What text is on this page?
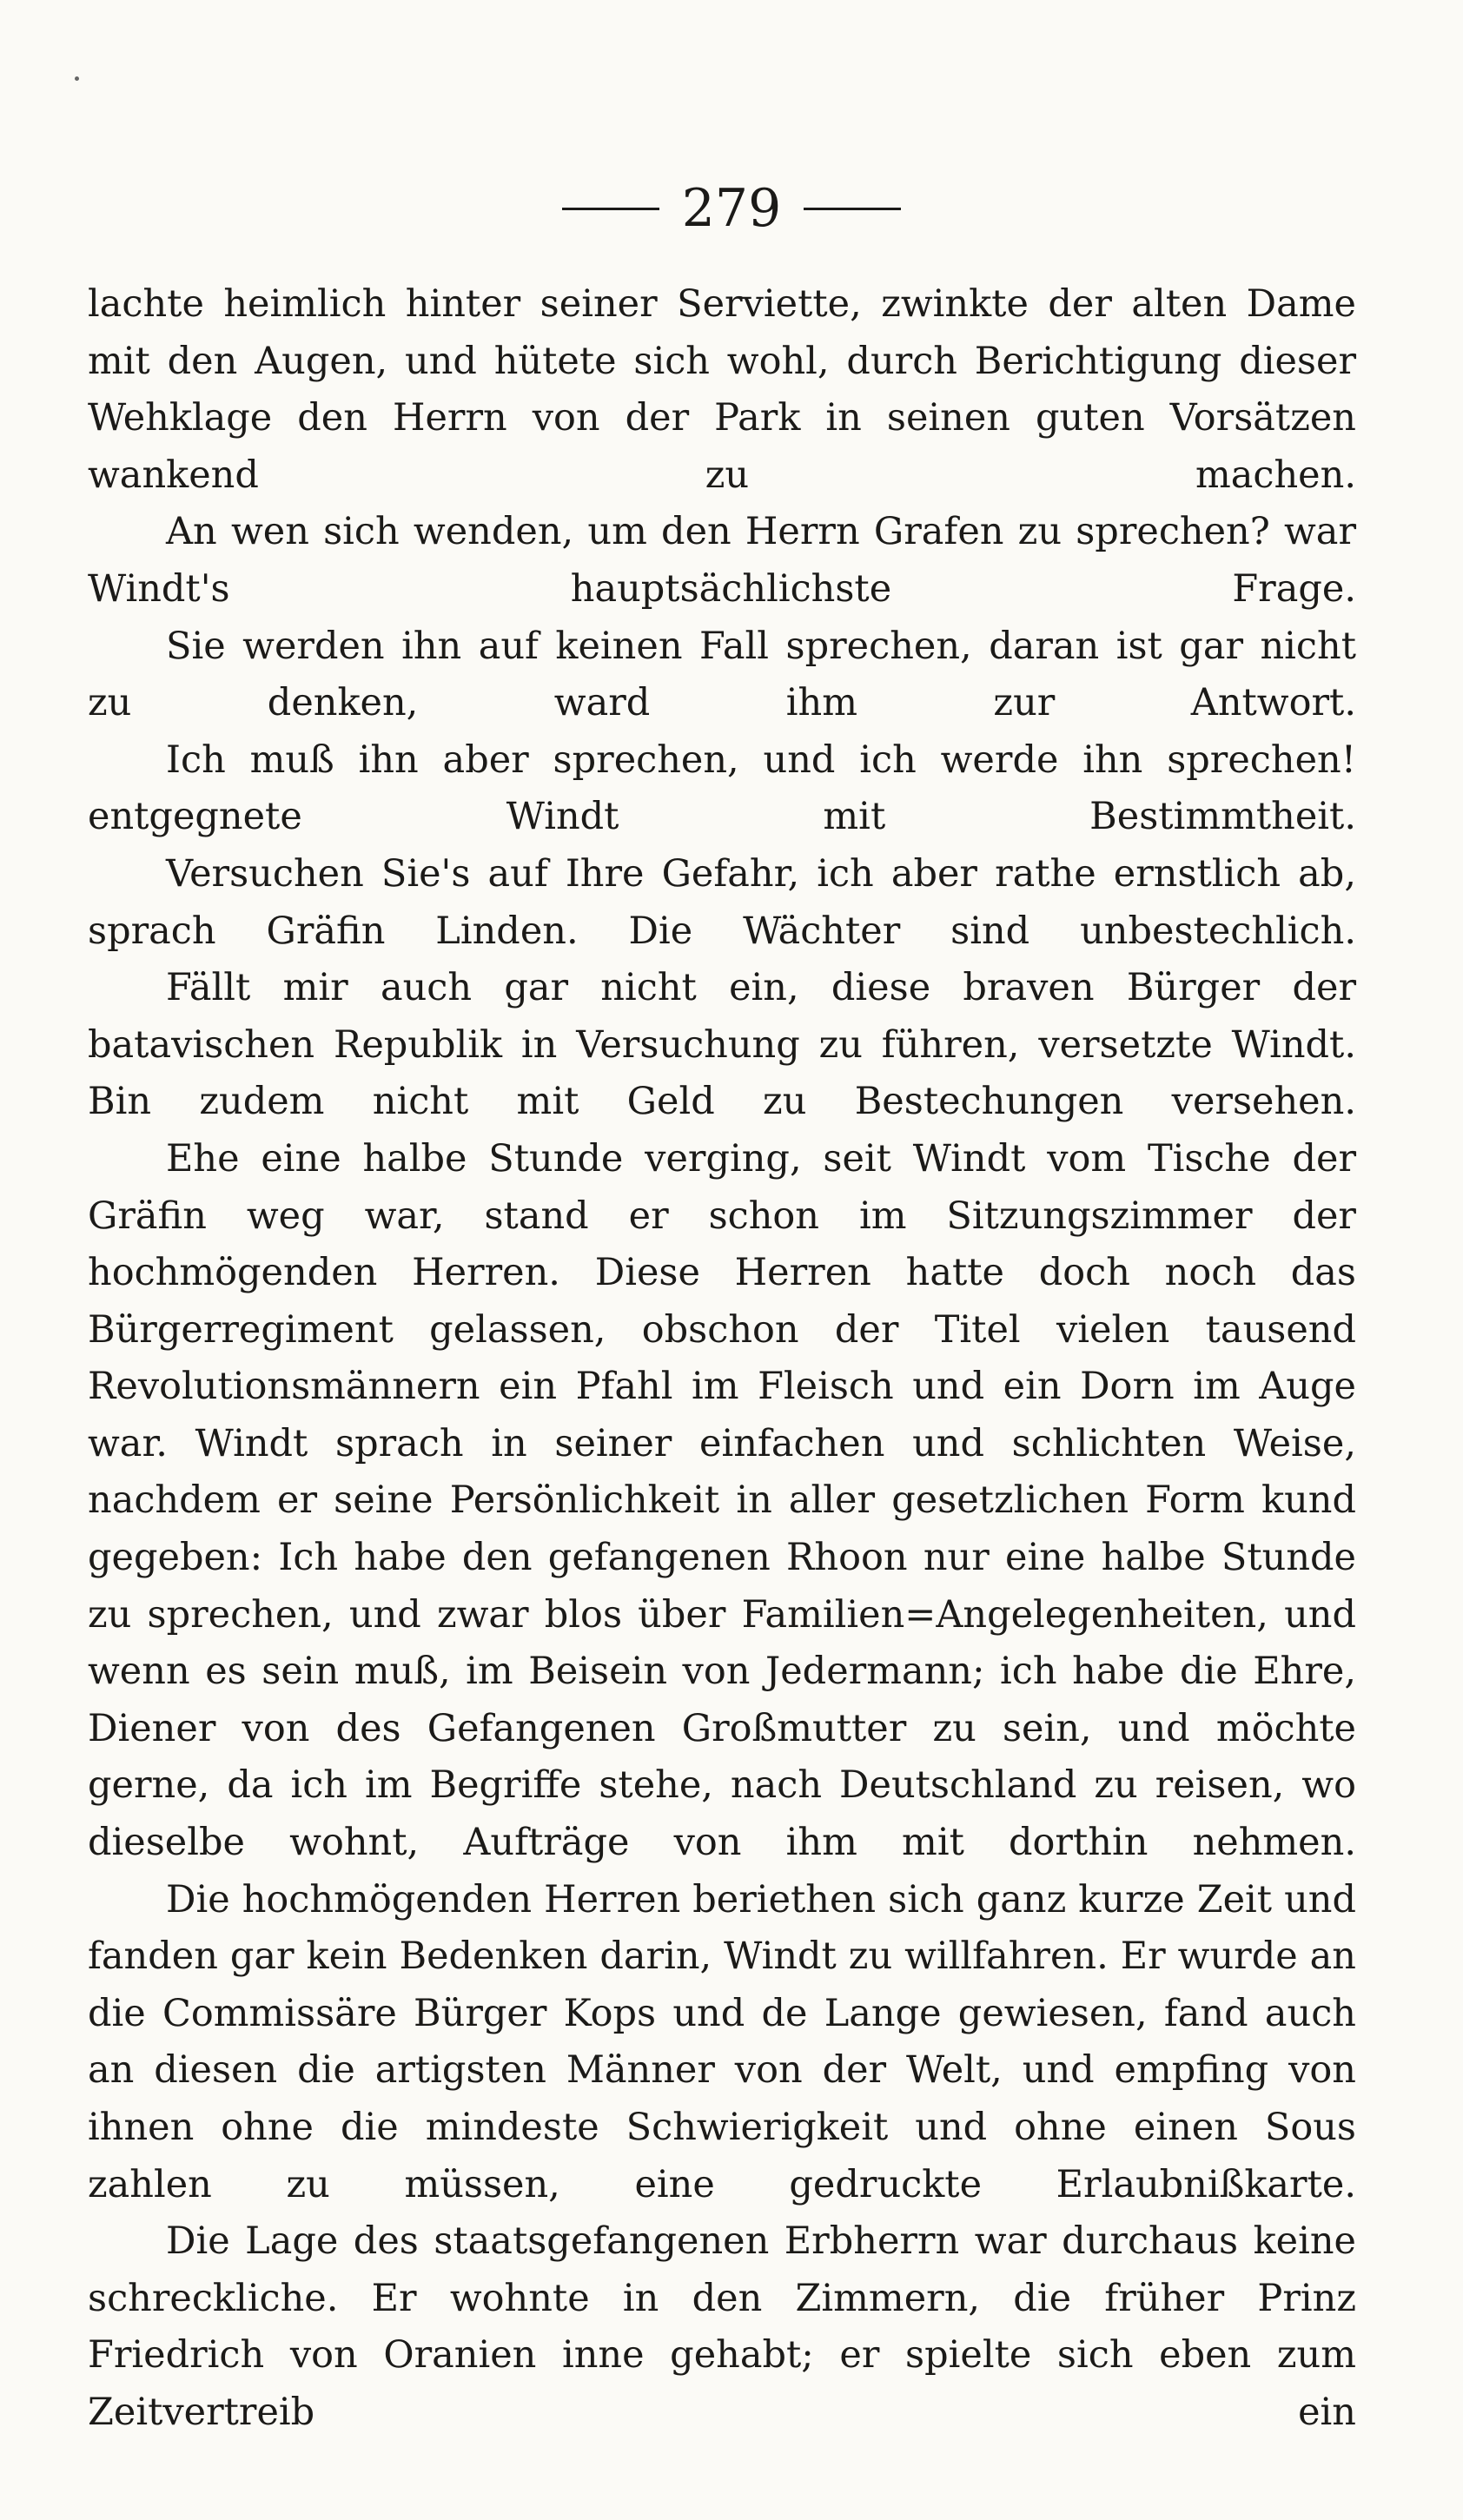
279

lachte heimlich hinter seiner Serviette, zwinkte der alten Dame mit den Augen, und hütete sich wohl, durch Berichtigung dieser Wehklage den Herrn von der Park in seinen guten Vorsätzen wankend zu machen.

An wen sich wenden, um den Herrn Grafen zu sprechen? war Windt's hauptsächlichste Frage.

Sie werden ihn auf keinen Fall sprechen, daran ist gar nicht zu denken, ward ihm zur Antwort.

Ich muß ihn aber sprechen, und ich werde ihn sprechen! entgegnete Windt mit Bestimmtheit.

Versuchen Sie's auf Ihre Gefahr, ich aber rathe ernstlich ab, sprach Gräfin Linden. Die Wächter sind unbestechlich.

Fällt mir auch gar nicht ein, diese braven Bürger der batavischen Republik in Versuchung zu führen, versetzte Windt. Bin zudem nicht mit Geld zu Bestechungen versehen.

Ehe eine halbe Stunde verging, seit Windt vom Tische der Gräfin weg war, stand er schon im Sitzungszimmer der hochmögenden Herren. Diese Herren hatte doch noch das Bürgerregiment gelassen, obschon der Titel vielen tausend Revolutionsmännern ein Pfahl im Fleisch und ein Dorn im Auge war. Windt sprach in seiner einfachen und schlichten Weise, nachdem er seine Persönlichkeit in aller gesetzlichen Form kund gegeben: Ich habe den gefangenen Rhoon nur eine halbe Stunde zu sprechen, und zwar blos über Familien=Angelegenheiten, und wenn es sein muß, im Beisein von Jedermann; ich habe die Ehre, Diener von des Gefangenen Großmutter zu sein, und möchte gerne, da ich im Begriffe stehe, nach Deutschland zu reisen, wo dieselbe wohnt, Aufträge von ihm mit dorthin nehmen.

Die hochmögenden Herren beriethen sich ganz kurze Zeit und fanden gar kein Bedenken darin, Windt zu willfahren. Er wurde an die Commissäre Bürger Kops und de Lange gewiesen, fand auch an diesen die artigsten Männer von der Welt, und empfing von ihnen ohne die mindeste Schwierigkeit und ohne einen Sous zahlen zu müssen, eine gedruckte Erlaubnißkarte.

Die Lage des staatsgefangenen Erbherrn war durchaus keine schreckliche. Er wohnte in den Zimmern, die früher Prinz Friedrich von Oranien inne gehabt; er spielte sich eben zum Zeitvertreib ein
